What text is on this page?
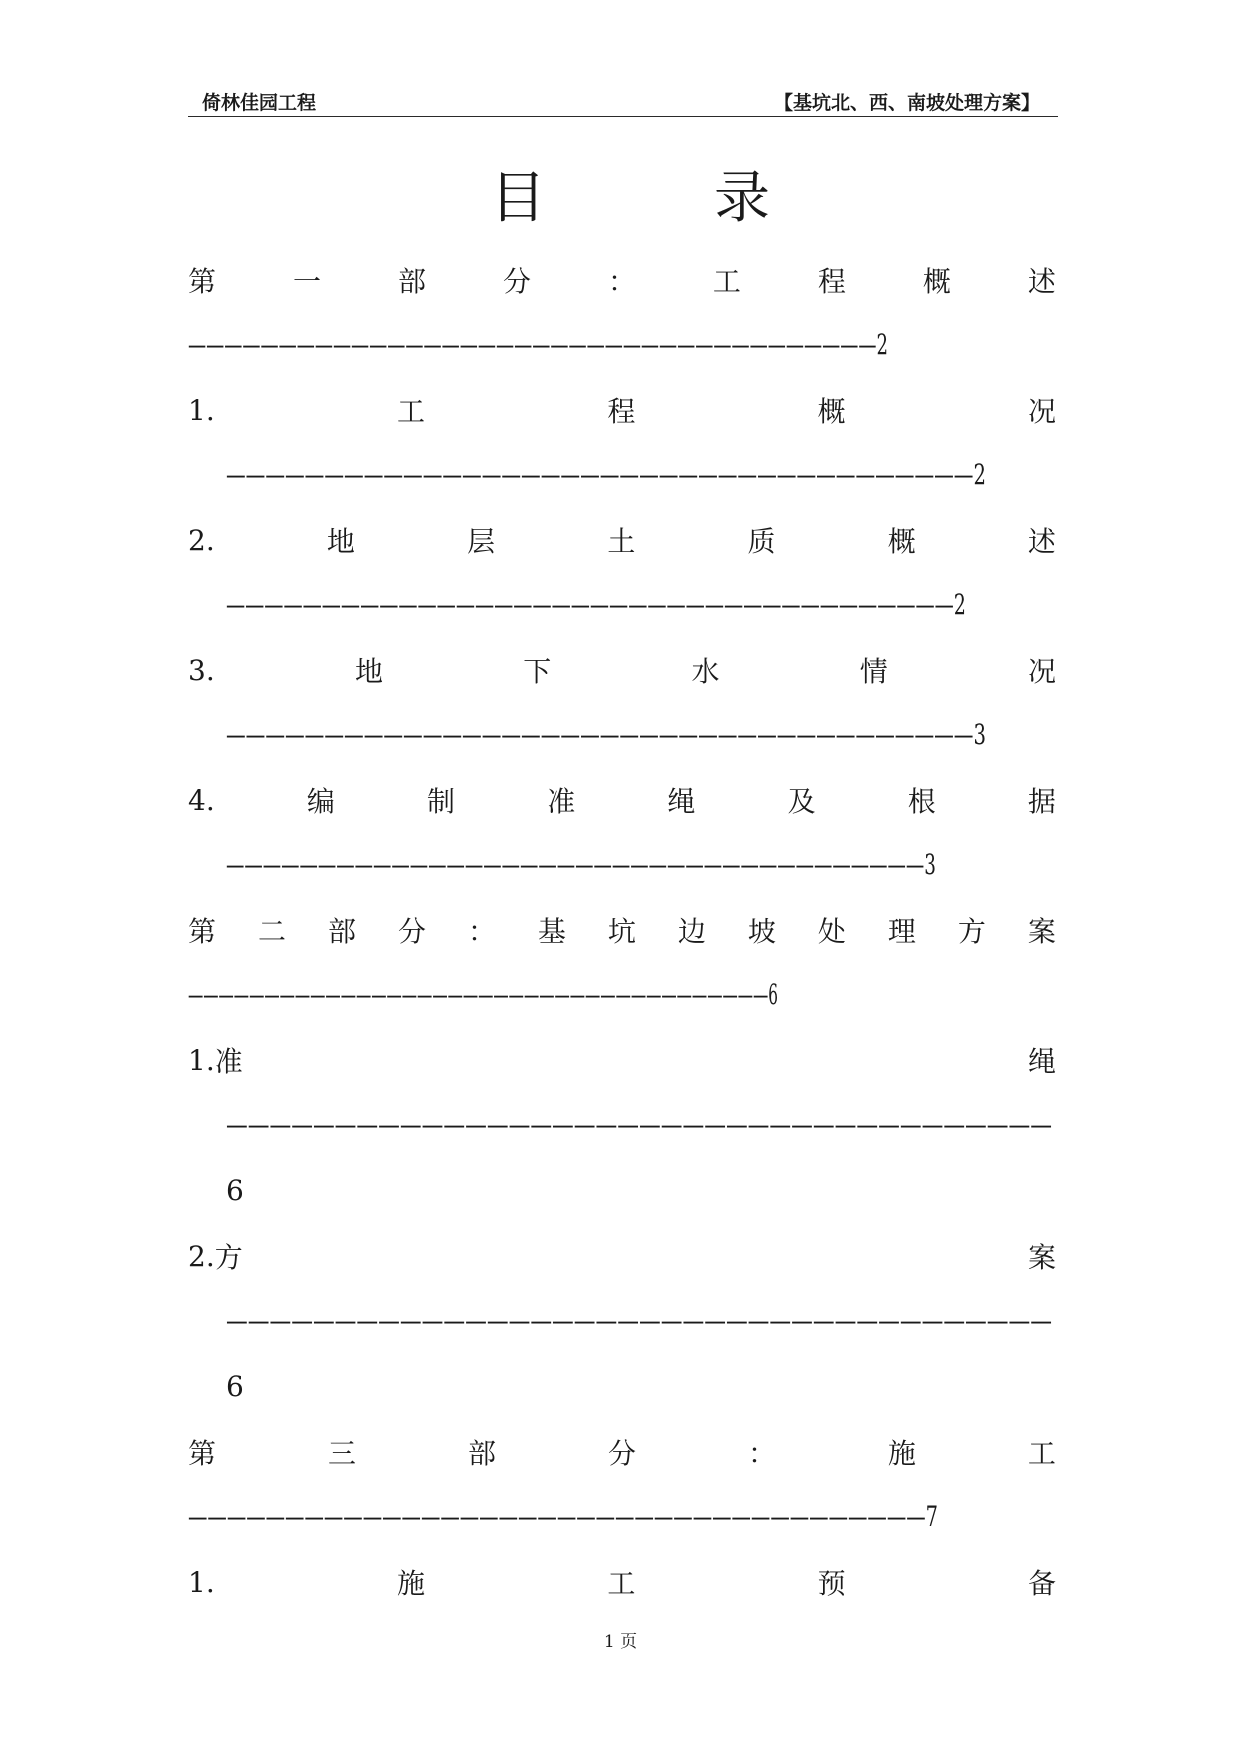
倚林佳园工程	【基坑北、西、南坡处理方案】
目	录
第	一	部	分	：	工	程	概	述
——————————————————————————————————————2
1.	工	程	概	况
——————————————————————————————————————2
2.	地	层	土	质	概	述
——————————————————————————————————————2
3.	地	下	水	情	况
——————————————————————————————————————3
4.	编	制	准	绳	及	根	据
——————————————————————————————————————3
第 二 部 分 ： 基 坑 边 坡 处 理 方 案
——————————————————————————————————————6
1. 准	绳
——————————————————————————————————————
6
2. 方	案
——————————————————————————————————————
6
第	三	部	分	：	施	工
——————————————————————————————————————7
1.	施	工	预	备
1 页
